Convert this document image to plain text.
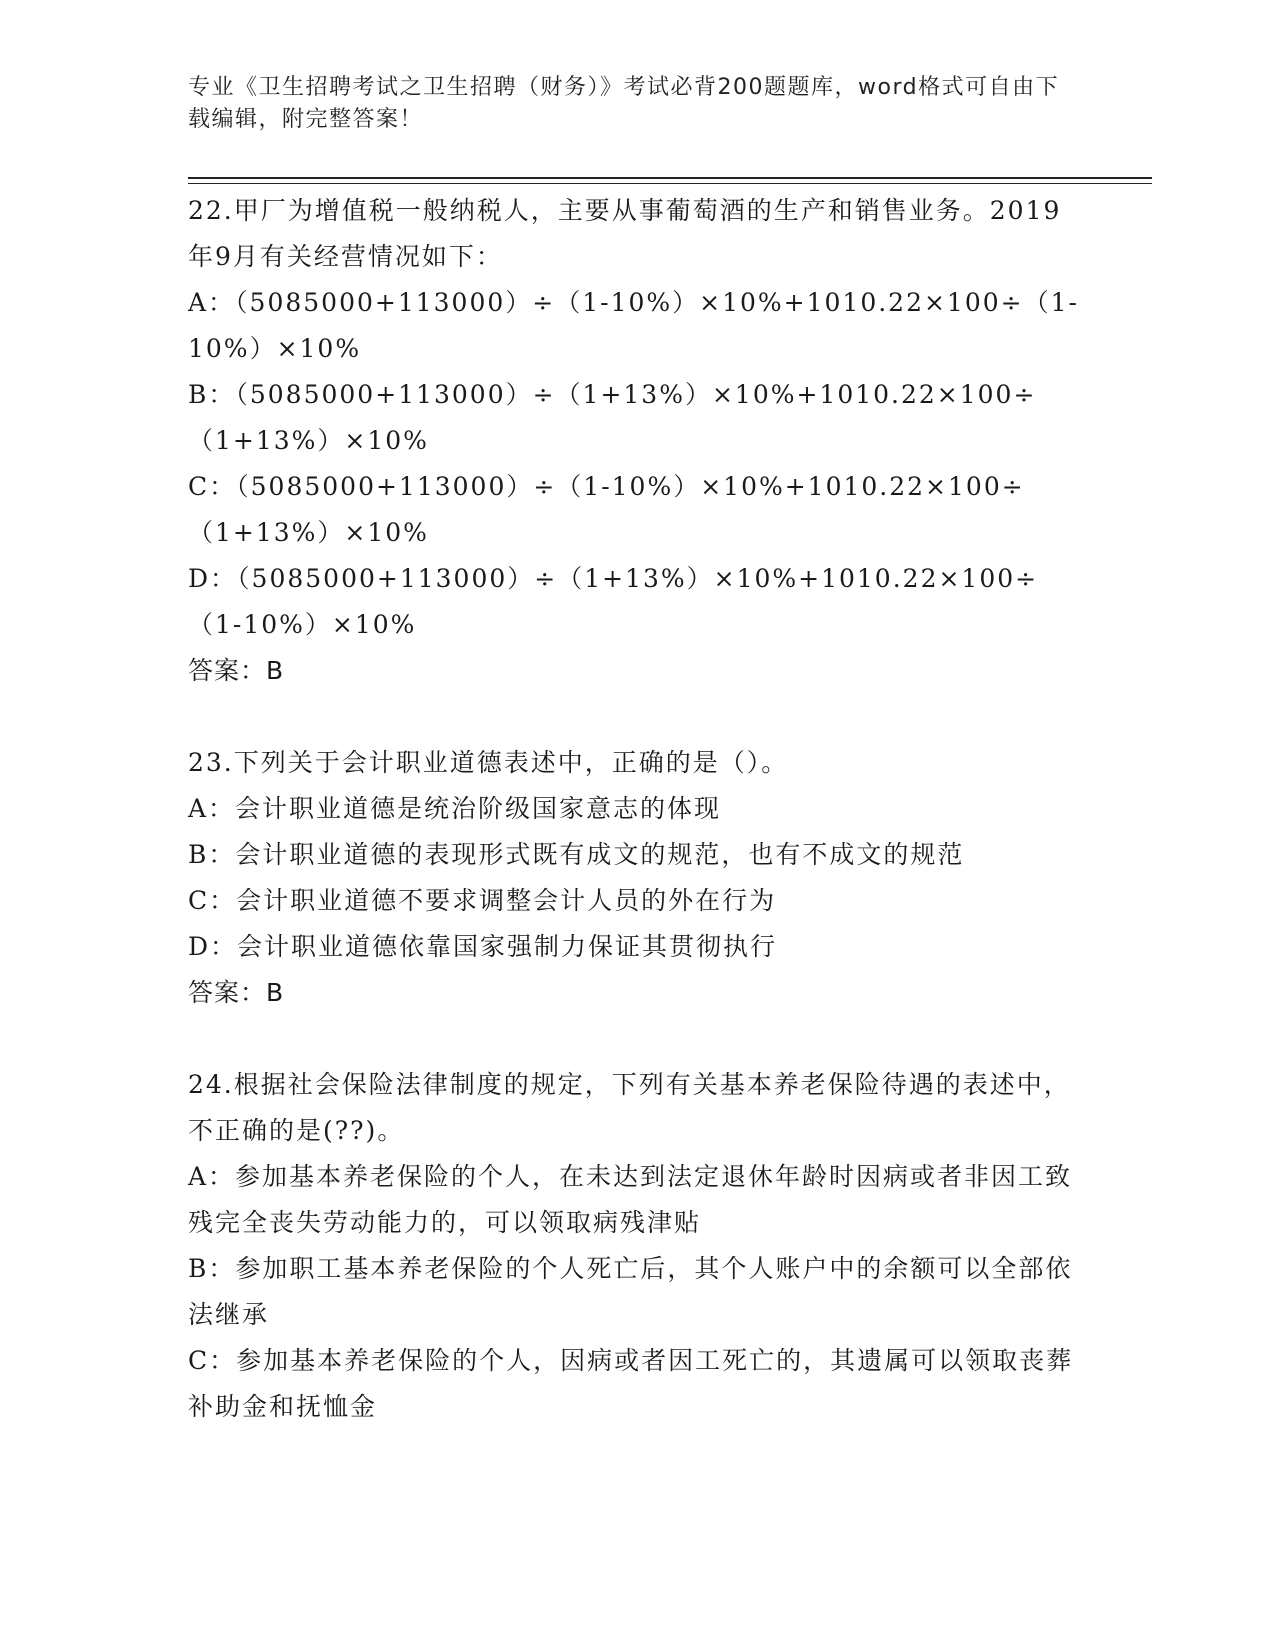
专业《卫生招聘考试之卫生招聘（财务）》考试必背200题题库，word格式可自由下载编辑，附完整答案！
22.甲厂为增值税一般纳税人，主要从事葡萄酒的生产和销售业务。2019年9月有关经营情况如下：
A：（5085000+113000）÷（1-10%）×10%+1010.22×100÷（1-10%）×10%
B：（5085000+113000）÷（1+13%）×10%+1010.22×100÷（1+13%）×10%
C：（5085000+113000）÷（1-10%）×10%+1010.22×100÷（1+13%）×10%
D：（5085000+113000）÷（1+13%）×10%+1010.22×100÷（1-10%）×10%
答案：B
23.下列关于会计职业道德表述中，正确的是（）。
A：会计职业道德是统治阶级国家意志的体现
B：会计职业道德的表现形式既有成文的规范，也有不成文的规范
C：会计职业道德不要求调整会计人员的外在行为
D：会计职业道德依靠国家强制力保证其贯彻执行
答案：B
24.根据社会保险法律制度的规定，下列有关基本养老保险待遇的表述中，不正确的是(??)。
A：参加基本养老保险的个人，在未达到法定退休年龄时因病或者非因工致残完全丧失劳动能力的，可以领取病残津贴
B：参加职工基本养老保险的个人死亡后，其个人账户中的余额可以全部依法继承
C：参加基本养老保险的个人，因病或者因工死亡的，其遗属可以领取丧葬补助金和抚恤金
